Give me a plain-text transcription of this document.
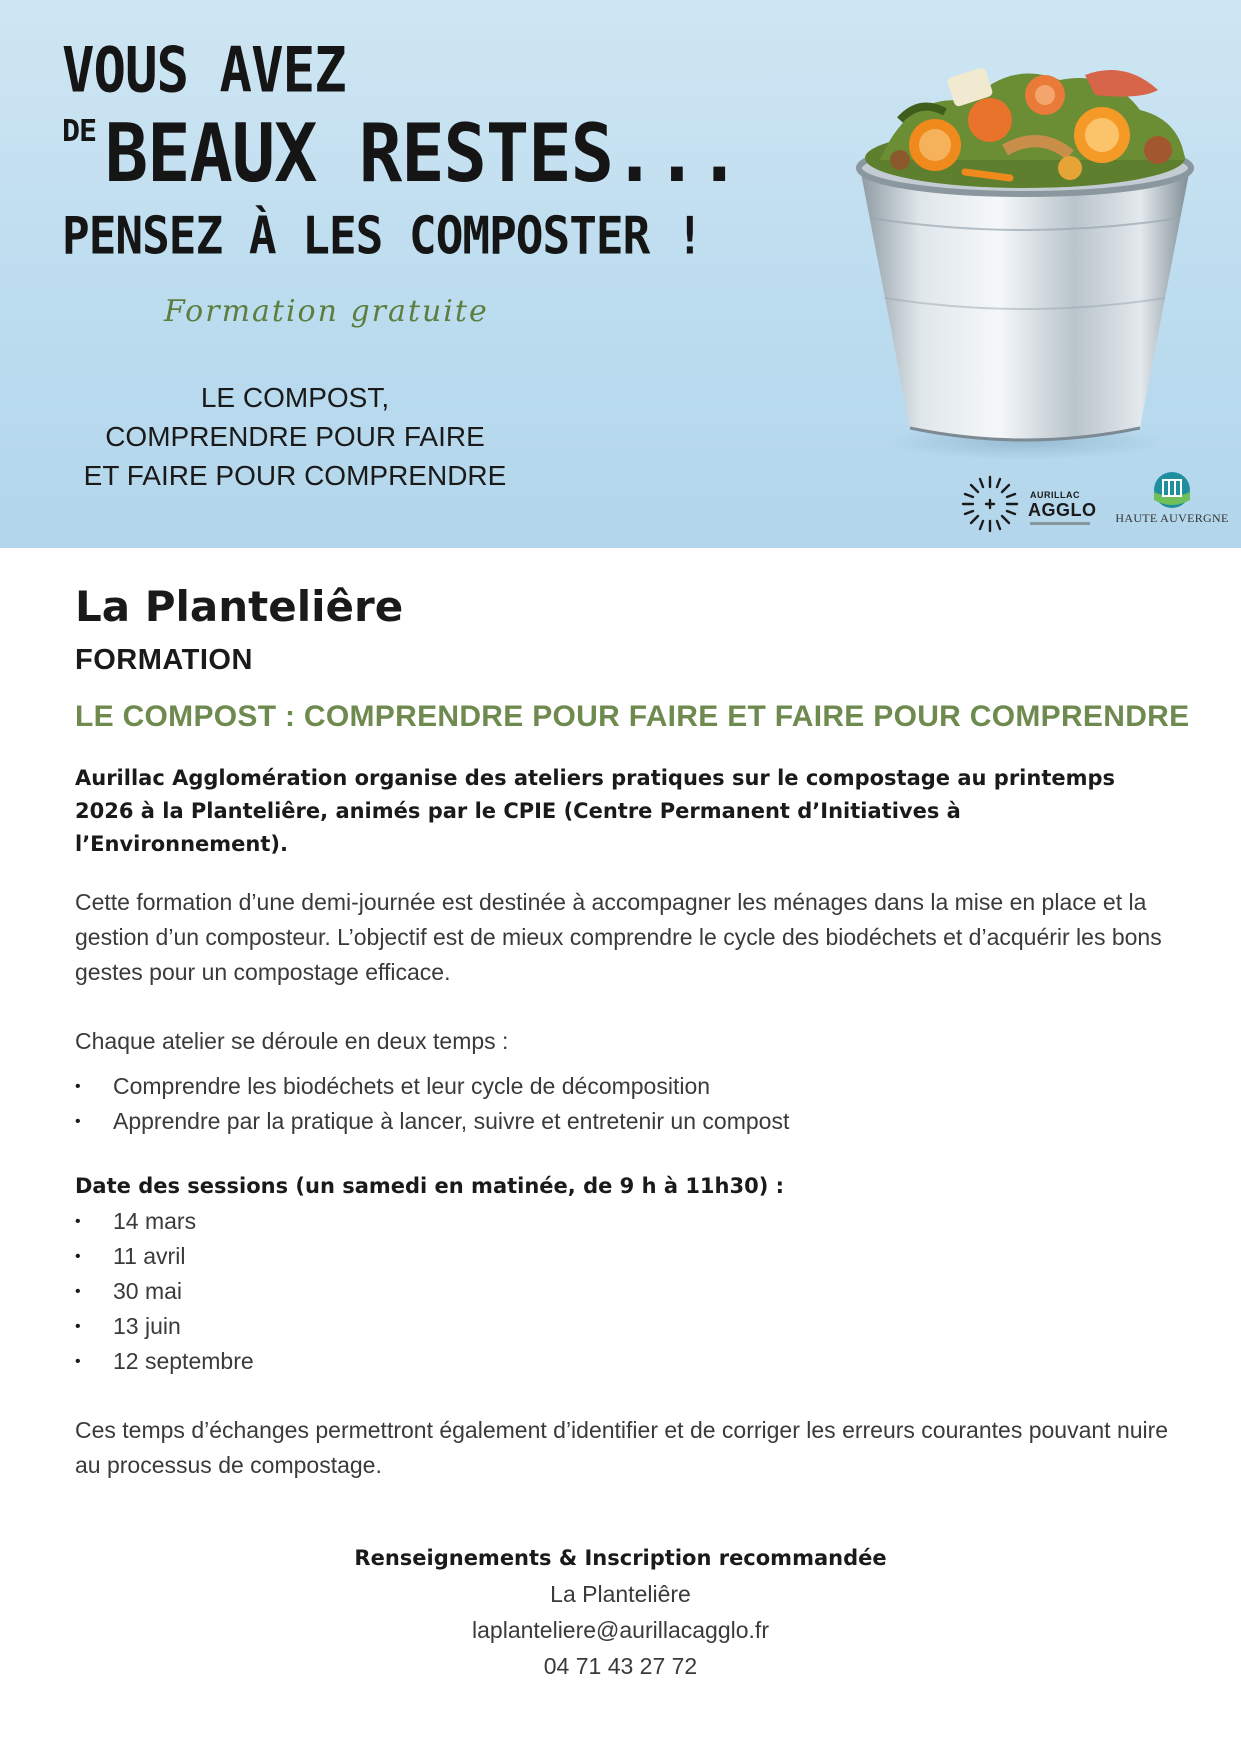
VOUS AVEZ
DE BEAUX RESTES...
PENSEZ À LES COMPOSTER !
Formation gratuite
LE COMPOST,
COMPRENDRE POUR FAIRE
ET FAIRE POUR COMPRENDRE
AURILLAC
AGGLO HAUTE AUVERGNE
La Planteliêre
FORMATION
LE COMPOST : COMPRENDRE POUR FAIRE ET FAIRE POUR COMPRENDRE

Aurillac Agglomération organise des ateliers pratiques sur le compostage au printemps 2026 à la Planteliêre, animés par le CPIE (Centre Permanent d’Initiatives à l’Environnement).

Cette formation d’une demi-journée est destinée à accompagner les ménages dans la mise en place et la gestion d’un composteur. L’objectif est de mieux comprendre le cycle des biodéchets et d’acquérir les bons gestes pour un compostage efficace.

Chaque atelier se déroule en deux temps :

• Comprendre les biodéchets et leur cycle de décomposition
• Apprendre par la pratique à lancer, suivre et entretenir un compost

Date des sessions (un samedi en matinée, de 9 h à 11h30) :

• 14 mars
• 11 avril
• 30 mai
• 13 juin
• 12 septembre

Ces temps d’échanges permettront également d’identifier et de corriger les erreurs courantes pouvant nuire au processus de compostage.

Renseignements & Inscription recommandée
La Planteliêre
laplanteliere@aurillacagglo.fr
04 71 43 27 72
